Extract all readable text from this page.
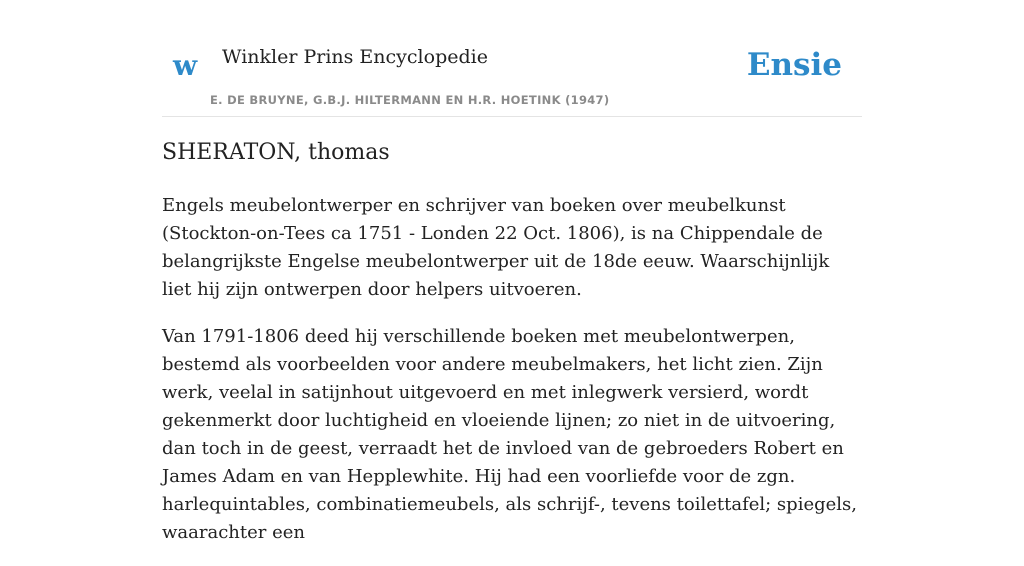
w Winkler Prins Encyclopedie
E. DE BRUYNE, G.B.J. HILTERMANN EN H.R. HOETINK (1947)
Ensie
SHERATON, thomas

Engels meubelontwerper en schrijver van boeken over meubelkunst (Stockton-on-Tees ca 1751 - Londen 22 Oct. 1806), is na Chippendale de belangrijkste Engelse meubelontwerper uit de 18de eeuw. Waarschijnlijk liet hij zijn ontwerpen door helpers uitvoeren.

Van 1791-1806 deed hij verschillende boeken met meubelontwerpen, bestemd als voorbeelden voor andere meubelmakers, het licht zien. Zijn werk, veelal in satijnhout uitgevoerd en met inlegwerk versierd, wordt gekenmerkt door luchtigheid en vloeiende lijnen; zo niet in de uitvoering, dan toch in de geest, verraadt het de invloed van de gebroeders Robert en James Adam en van Hepplewhite. Hij had een voorliefde voor de zgn. harlequintables, combinatiemeubels, als schrijf-, tevens toilettafel; spiegels, waarachter een
